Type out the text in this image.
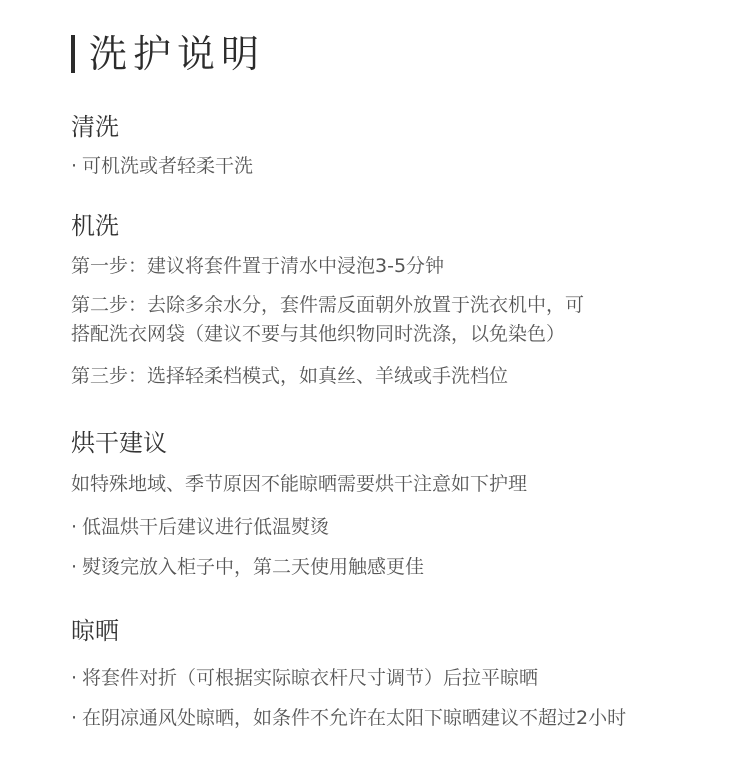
洗护说明
清洗
· 可机洗或者轻柔干洗
机洗
第一步：建议将套件置于清水中浸泡3-5分钟
第二步：去除多余水分，套件需反面朝外放置于洗衣机中，可
搭配洗衣网袋（建议不要与其他织物同时洗涤，以免染色）
第三步：选择轻柔档模式，如真丝、羊绒或手洗档位
烘干建议
如特殊地域、季节原因不能晾晒需要烘干注意如下护理
· 低温烘干后建议进行低温熨烫
· 熨烫完放入柜子中，第二天使用触感更佳
晾晒
· 将套件对折（可根据实际晾衣杆尺寸调节）后拉平晾晒
· 在阴凉通风处晾晒，如条件不允许在太阳下晾晒建议不超过2小时
